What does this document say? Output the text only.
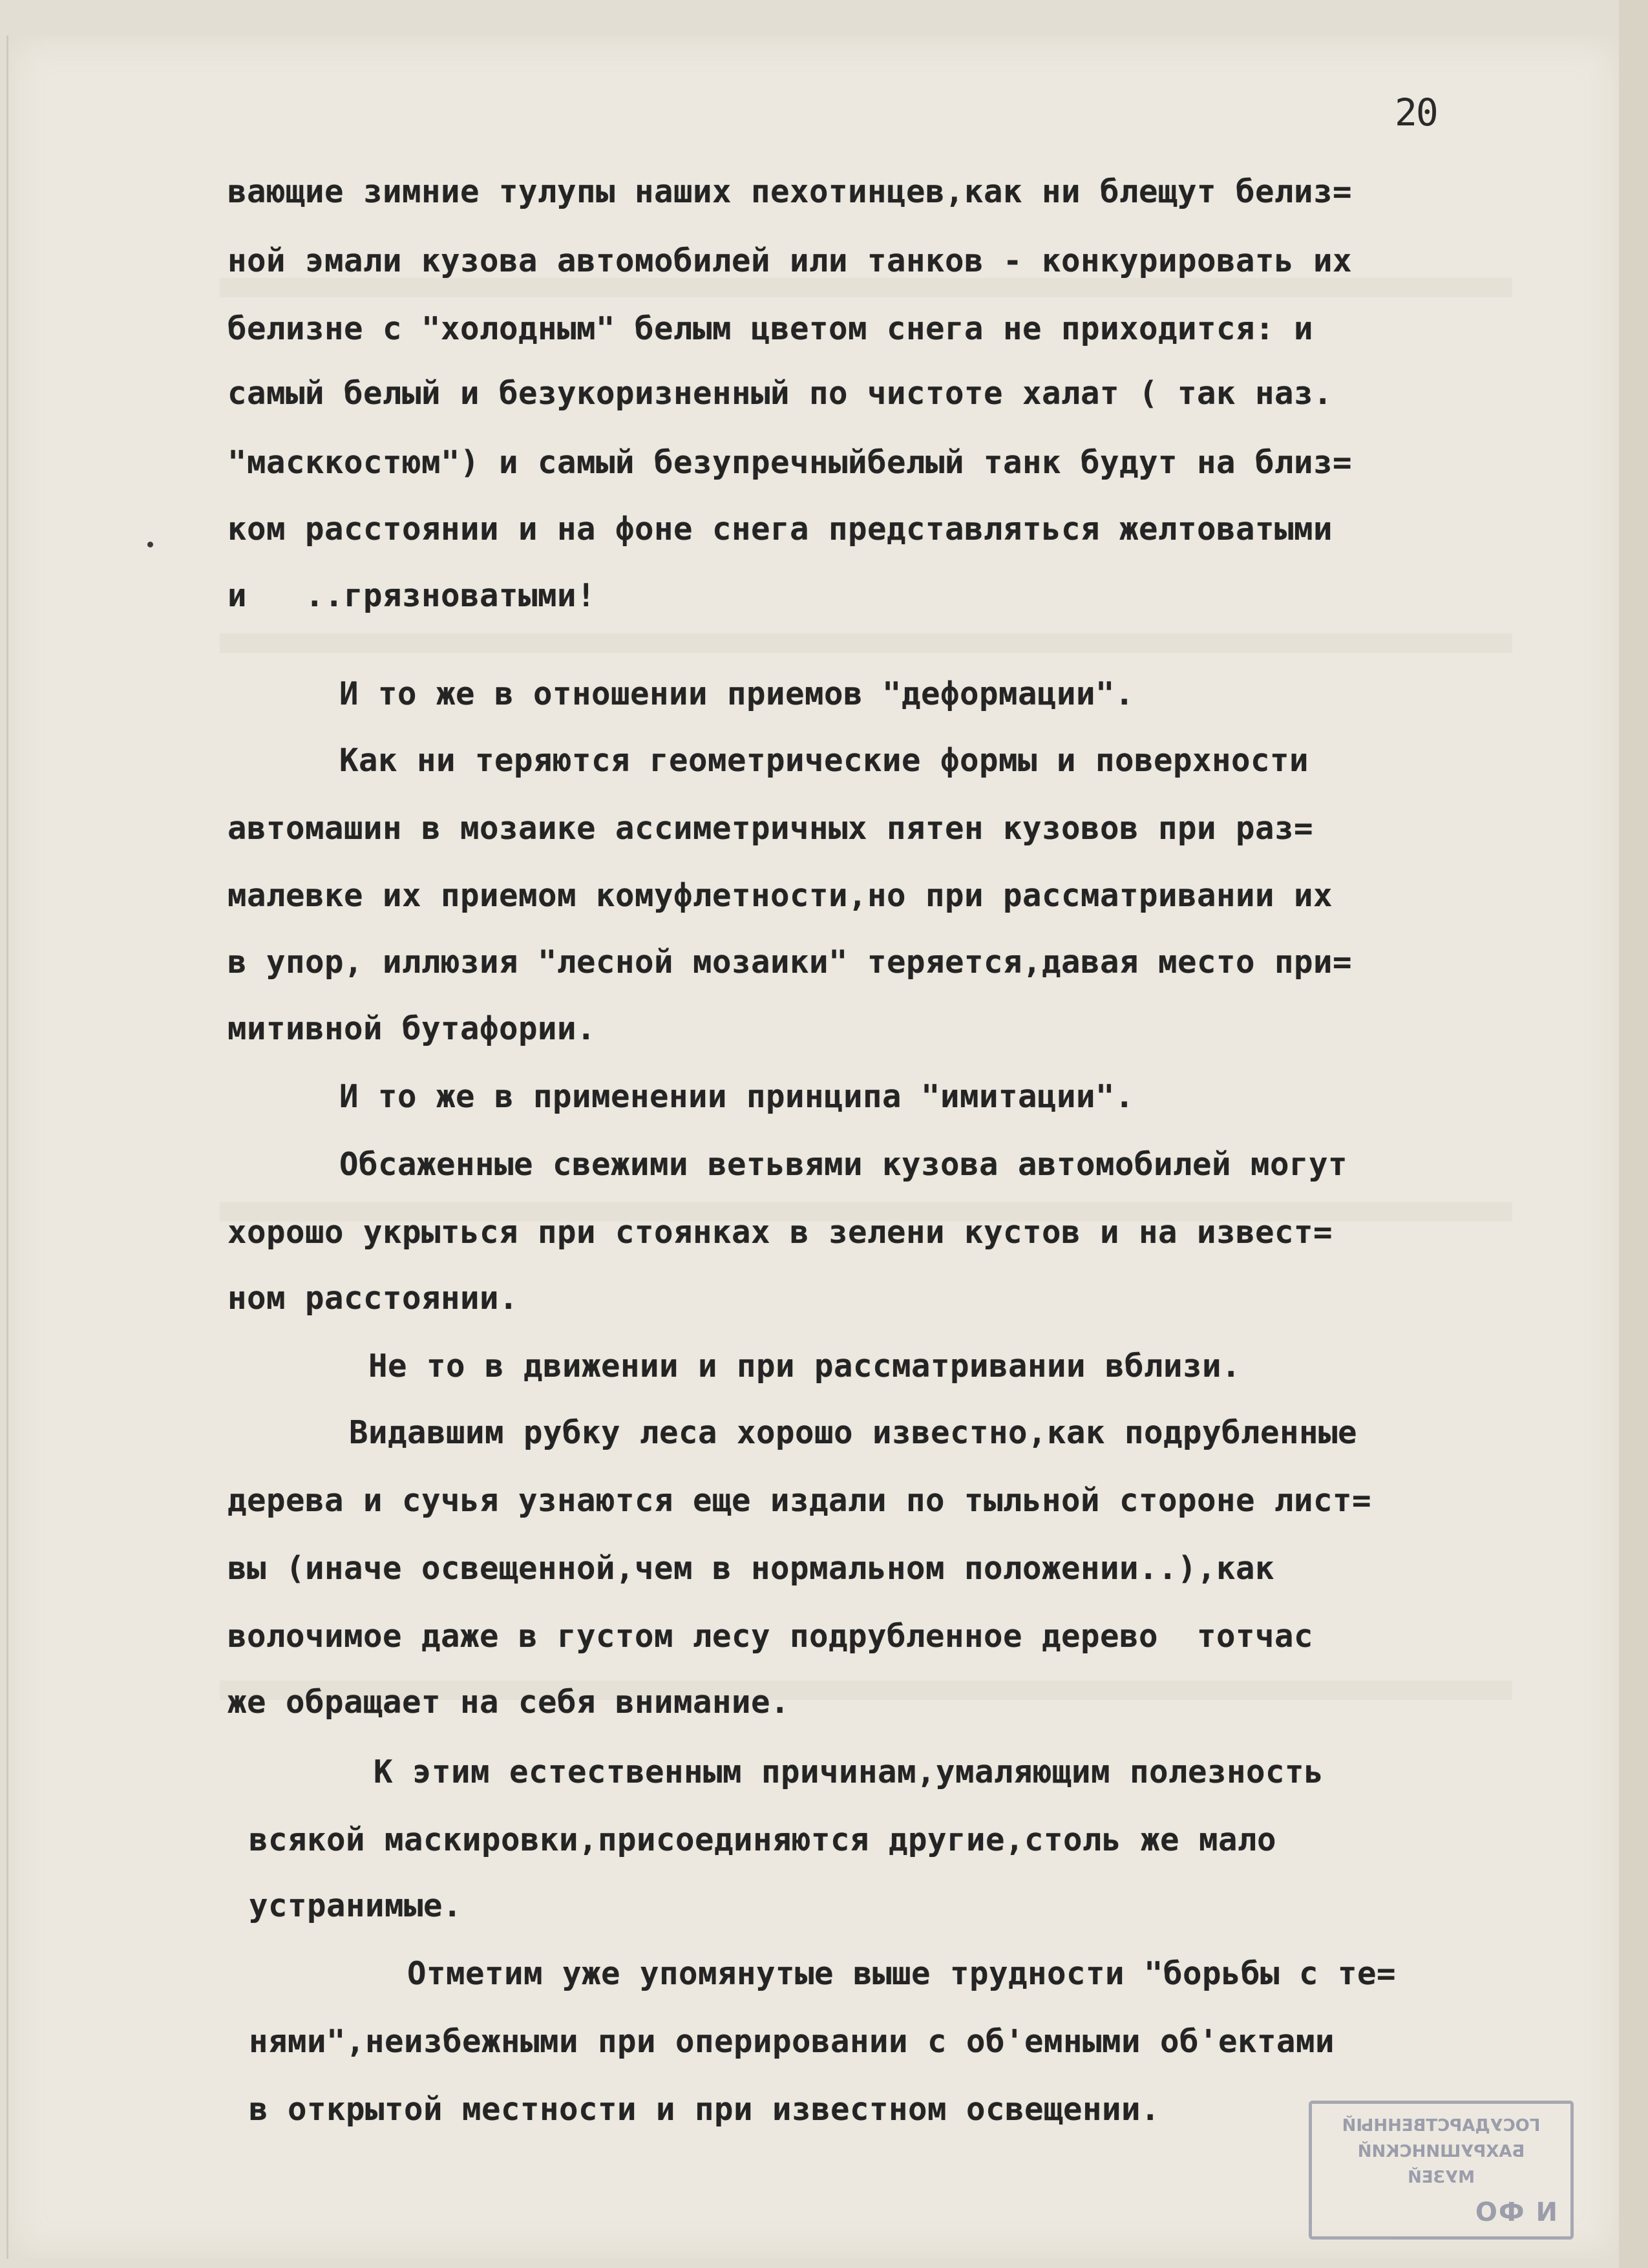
20
вающие зимние тулупы наших пехотинцев,как ни блещут белиз=
ной эмали кузова автомобилей или танков - конкурировать их
белизне с "холодным" белым цветом снега не приходится: и
самый белый и безукоризненный по чистоте халат ( так наз.
"масккостюм") и самый безупречныйбелый танк будут на близ=
ком расстоянии и на фоне снега представляться желтоватыми
и   ..грязноватыми!
И то же в отношении приемов "деформации".
Как ни теряются геометрические формы и поверхности
автомашин в мозаике ассиметричных пятен кузовов при раз=
малевке их приемом комуфлетности,но при рассматривании их
в упор, иллюзия "лесной мозаики" теряется,давая место при=
митивной бутафории.
И то же в применении принципа "имитации".
Обсаженные свежими ветьвями кузова автомобилей могут
хорошо укрыться при стоянках в зелени кустов и на извест=
ном расстоянии.
Не то в движении и при рассматривании вблизи.
Видавшим рубку леса хорошо известно,как подрубленные
дерева и сучья узнаются еще издали по тыльной стороне лист=
вы (иначе освещенной,чем в нормальном положении..),как
волочимое даже в густом лесу подрубленное дерево  тотчас
же обращает на себя внимание.
К этим естественным причинам,умаляющим полезность
всякой маскировки,присоединяются другие,столь же мало
устранимые.
Отметим уже упомянутые выше трудности "борьбы с те=
нями",неизбежными при оперировании с об'емными об'ектами
в открытой местности и при известном освещении.	ГОСУДАРСТВЕННЫЙ
БАХРУШИНСКИЙ МУЗЕЙ
ОФ И
